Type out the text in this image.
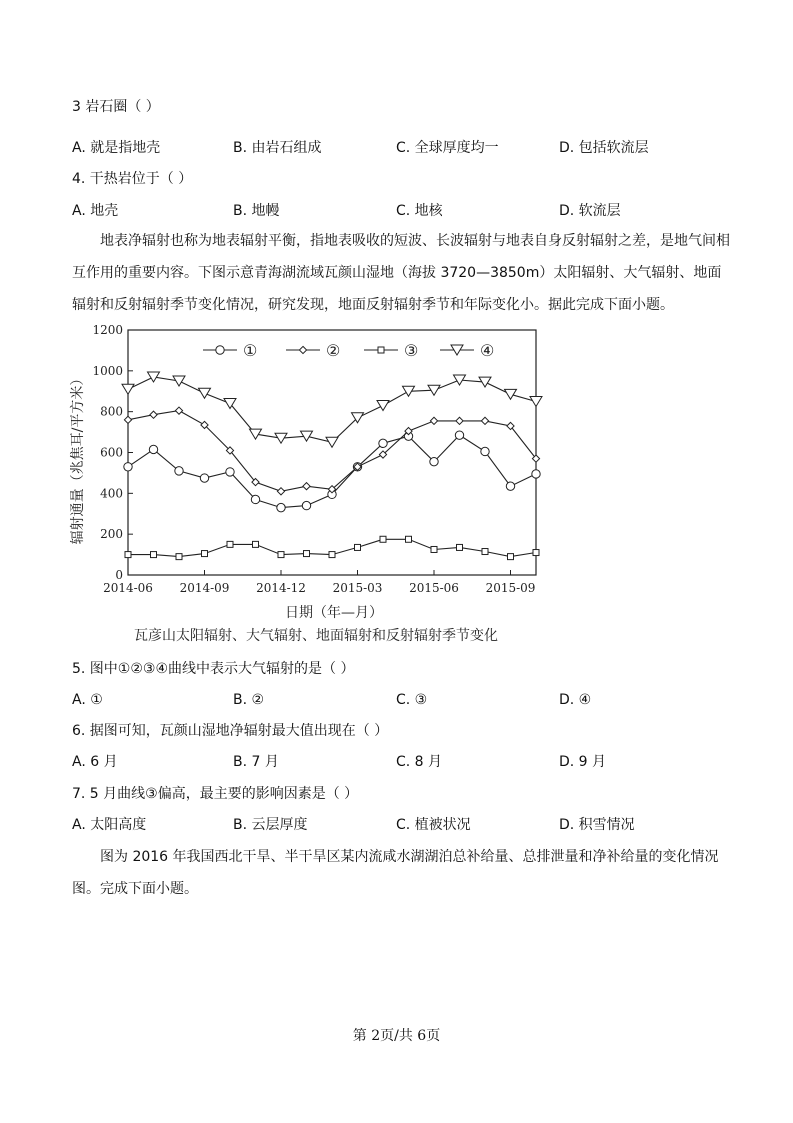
3 岩石圈（ ）
A. 就是指地壳	B. 由岩石组成	C. 全球厚度均一	D. 包括软流层
4. 干热岩位于（ ）
A. 地壳	B. 地幔	C. 地核	D. 软流层
地表净辐射也称为地表辐射平衡，指地表吸收的短波、长波辐射与地表自身反射辐射之差，是地气间相互作用的重要内容。下图示意青海湖流域瓦颜山湿地（海拔 3720—3850m）太阳辐射、大气辐射、地面辐射和反射辐射季节变化情况，研究发现，地面反射辐射季节和年际变化小。据此完成下面小题。
0
200
400
600
800
1000
1200
2014-06 2014-09 2014-12 2015-03 2015-06 2015-09
①	②	③	④
辐射通量（兆焦耳/平方米）
日期（年—月）
瓦彦山太阳辐射、大气辐射、地面辐射和反射辐射季节变化
5. 图中①②③④曲线中表示大气辐射的是（ ）
A. ①	B. ②	C. ③	D. ④
6. 据图可知，瓦颜山湿地净辐射最大值出现在（ ）
A. 6 月	B. 7 月	C. 8 月	D. 9 月
7. 5 月曲线③偏高，最主要的影响因素是（ ）
A. 太阳高度	B. 云层厚度	C. 植被状况	D. 积雪情况
图为 2016 年我国西北干旱、半干旱区某内流咸水湖湖泊总补给量、总排泄量和净补给量的变化情况图。完成下面小题。
第 2页/共 6页
